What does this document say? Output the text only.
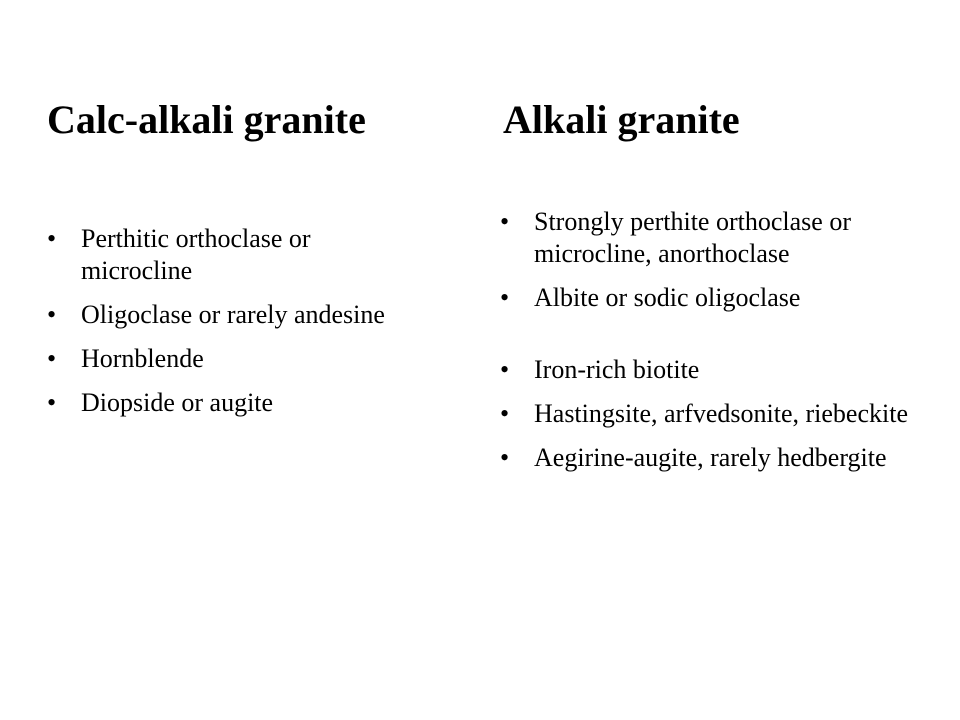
Calc-alkali granite
• Perthitic orthoclase or microcline
• Oligoclase or rarely andesine
• Hornblende
• Diopside or augite
Alkali granite
• Strongly perthite orthoclase or microcline, anorthoclase
• Albite or sodic oligoclase
• Iron-rich biotite
• Hastingsite, arfvedsonite, riebeckite
• Aegirine-augite, rarely hedbergite
